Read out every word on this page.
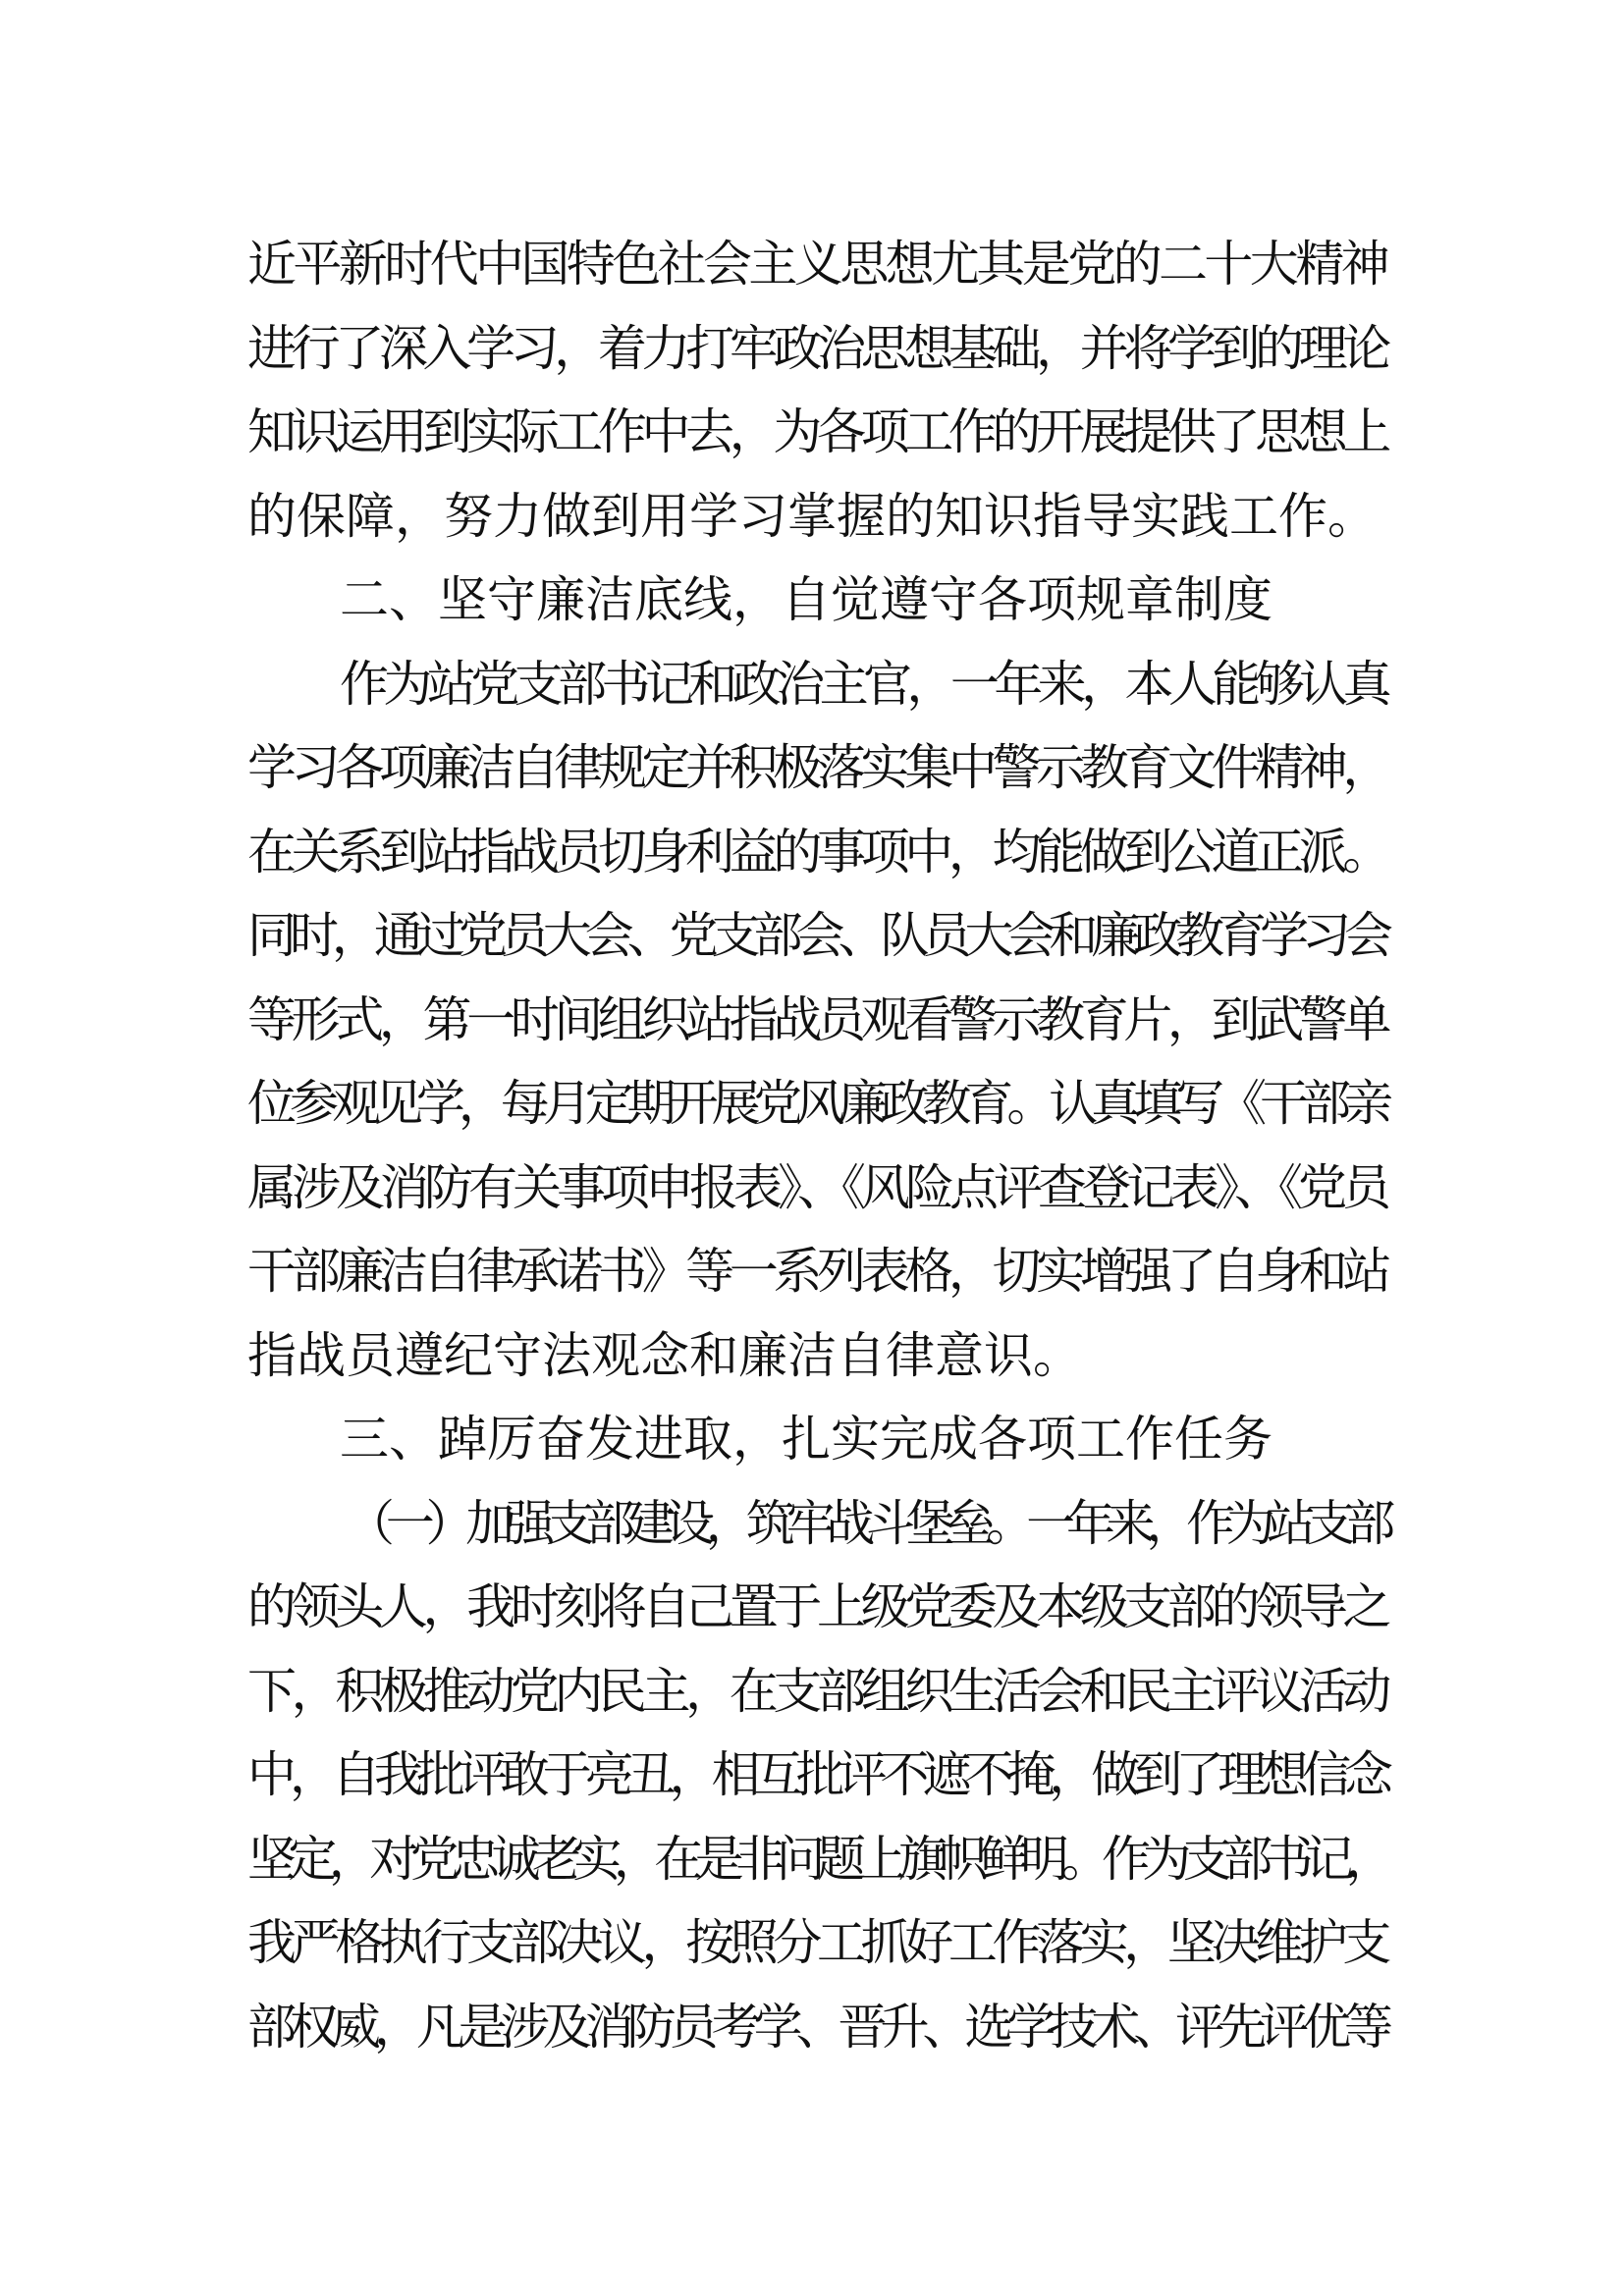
近平新时代中国特色社会主义思想尤其是党的二十大精神
进行了深入学习，着力打牢政治思想基础，并将学到的理论
知识运用到实际工作中去，为各项工作的开展提供了思想上
的保障，努力做到用学习掌握的知识指导实践工作。
二、坚守廉洁底线，自觉遵守各项规章制度
作为站党支部书记和政治主官，一年来，本人能够认真
学习各项廉洁自律规定并积极落实集中警示教育文件精神，
在关系到站指战员切身利益的事项中，均能做到公道正派。
同时，通过党员大会、党支部会、队员大会和廉政教育学习会
等形式，第一时间组织站指战员观看警示教育片，到武警单
位参观见学，每月定期开展党风廉政教育。认真填写《干部亲
属涉及消防有关事项申报表》、《风险点评查登记表》、《党员
干部廉洁自律承诺书》等一系列表格，切实增强了自身和站
指战员遵纪守法观念和廉洁自律意识。
三、踔厉奋发进取，扎实完成各项工作任务
（一）加强支部建设，筑牢战斗堡垒。一年来，作为站支部
的领头人，我时刻将自己置于上级党委及本级支部的领导之
下，积极推动党内民主，在支部组织生活会和民主评议活动
中，自我批评敢于亮丑，相互批评不遮不掩，做到了理想信念
坚定，对党忠诚老实，在是非问题上旗帜鲜明。作为支部书记，
我严格执行支部决议，按照分工抓好工作落实，坚决维护支
部权威，凡是涉及消防员考学、晋升、选学技术、评先评优等
